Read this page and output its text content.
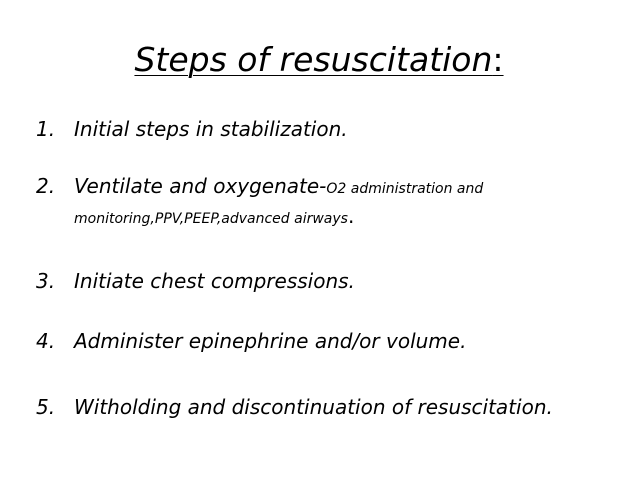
Steps of resuscitation:
1. Initial steps in stabilization.
2. Ventilate and oxygenate-O2 administration and
monitoring,PPV,PEEP,advanced airways.
3. Initiate chest compressions.
4. Administer epinephrine and/or volume.
5. Witholding and discontinuation of resuscitation.
